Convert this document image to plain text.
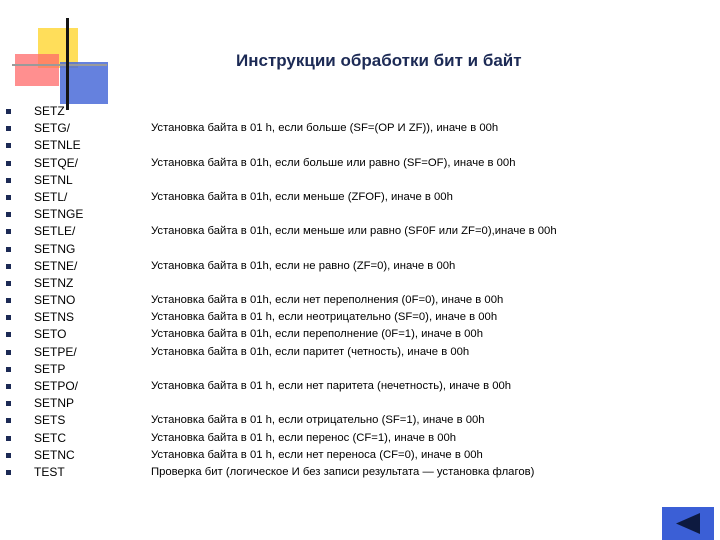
Инструкции обработки бит и байт
SETZ
SETG/	Установка байта в 01 h, если больше (SF=(OP И ZF)), иначе в 00h
SETNLE
SETQE/	Установка байта в 01h, если больше или равно (SF=OF), иначе в 00h
SETNL
SETL/	Установка байта в 01h, если меньше (ZFOF), иначе в 00h
SETNGE
SETLE/	Установка байта в 01h, если меньше или равно (SF0F или ZF=0),иначе в 00h
SETNG
SETNE/	Установка байта в 01h, если не равно (ZF=0), иначе в 00h
SETNZ
SETNO	Установка байта в 01h, если нет переполнения (0F=0), иначе в 00h
SETNS	Установка байта в 01 h, если неотрицательно (SF=0), иначе в 00h
SETO	Установка байта в 01h, если переполнение (0F=1), иначе в 00h
SETPE/	Установка байта в 01h, если паритет (четность), иначе в 00h
SETP
SETPO/	Установка байта в 01 h, если нет паритета (нечетность), иначе в 00h
SETNP
SETS	Установка байта в 01 h, если отрицательно (SF=1), иначе в 00h
SETC	Установка байта в 01 h, если перенос (CF=1), иначе в 00h
SETNC	Установка байта в 01 h, если нет переноса (CF=0), иначе в 00h
TEST	Проверка бит (логическое И без записи результата — установка флагов)
